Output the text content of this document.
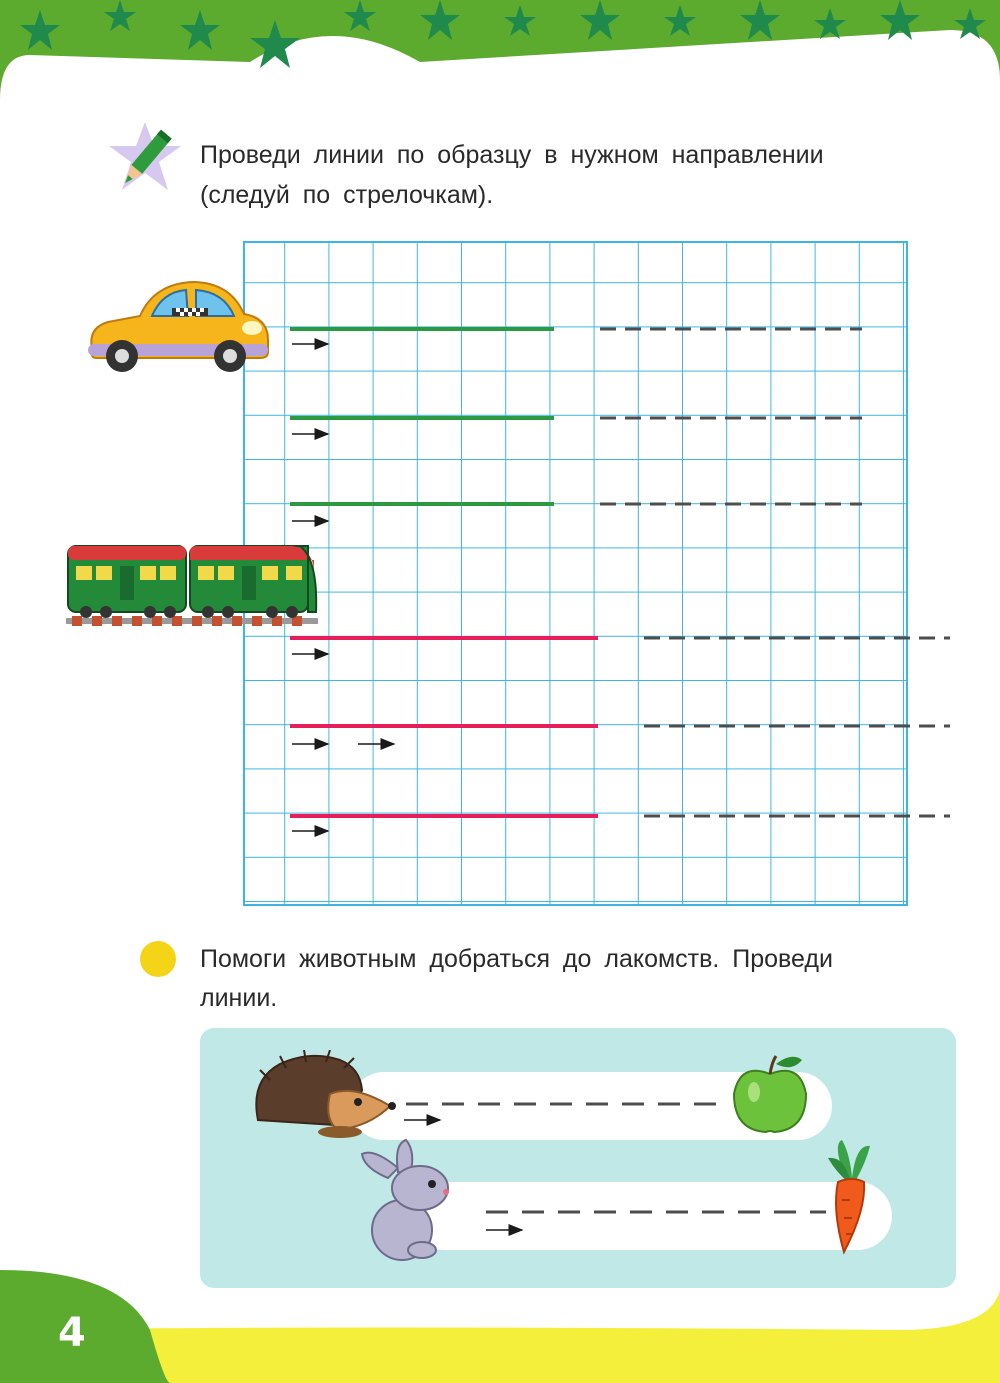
4
Проведи линии по образцу в нужном направлении
(следуй по стрелочкам).
Помоги животным добраться до лакомств. Проведи
линии.
